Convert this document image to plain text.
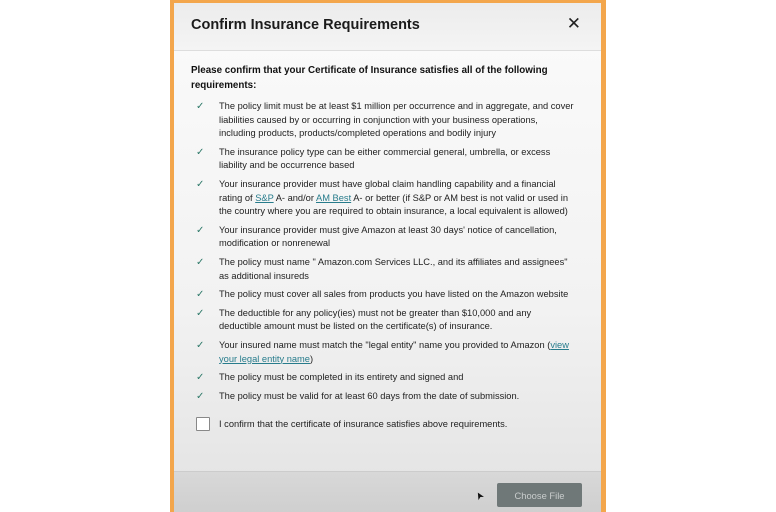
Confirm Insurance Requirements	✕
Please confirm that your Certificate of Insurance satisfies all of the following requirements:
✓ The policy limit must be at least $1 million per occurrence and in aggregate, and cover liabilities caused by or occurring in conjunction with your business operations, including products, products/completed operations and bodily injury
✓ The insurance policy type can be either commercial general, umbrella, or excess liability and be occurrence based
✓ Your insurance provider must have global claim handling capability and a financial rating of S&P A- and/or AM Best A- or better (if S&P or AM best is not valid or used in the country where you are required to obtain insurance, a local equivalent is allowed)
✓ Your insurance provider must give Amazon at least 30 days' notice of cancellation, modification or nonrenewal
✓ The policy must name " Amazon.com Services LLC., and its affiliates and assignees" as additional insureds
✓ The policy must cover all sales from products you have listed on the Amazon website
✓ The deductible for any policy(ies) must not be greater than $10,000 and any deductible amount must be listed on the certificate(s) of insurance.
✓ Your insured name must match the "legal entity" name you provided to Amazon (view your legal entity name)
✓ The policy must be completed in its entirety and signed and
✓ The policy must be valid for at least 60 days from the date of submission.
I confirm that the certificate of insurance satisfies above requirements.
➤	Choose File
